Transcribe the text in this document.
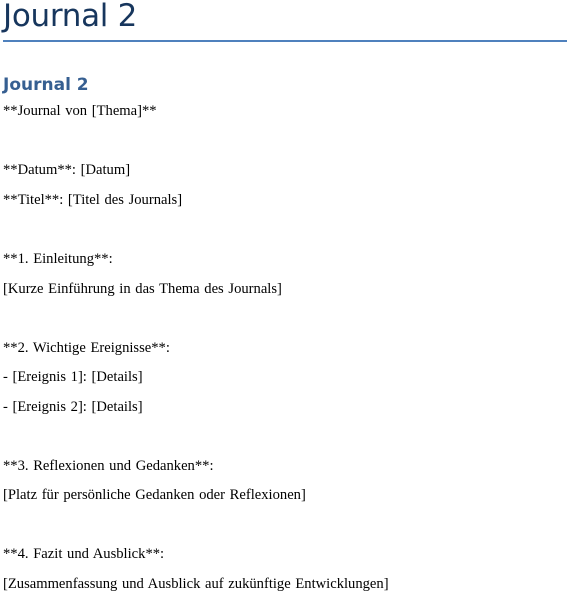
Journal 2
Journal 2

**Journal von [Thema]**

**Datum**: [Datum]

**Titel**: [Titel des Journals]

**1. Einleitung**:

[Kurze Einführung in das Thema des Journals]

**2. Wichtige Ereignisse**:

- [Ereignis 1]: [Details]

- [Ereignis 2]: [Details]

**3. Reflexionen und Gedanken**:

[Platz für persönliche Gedanken oder Reflexionen]

**4. Fazit und Ausblick**:

[Zusammenfassung und Ausblick auf zukünftige Entwicklungen]
